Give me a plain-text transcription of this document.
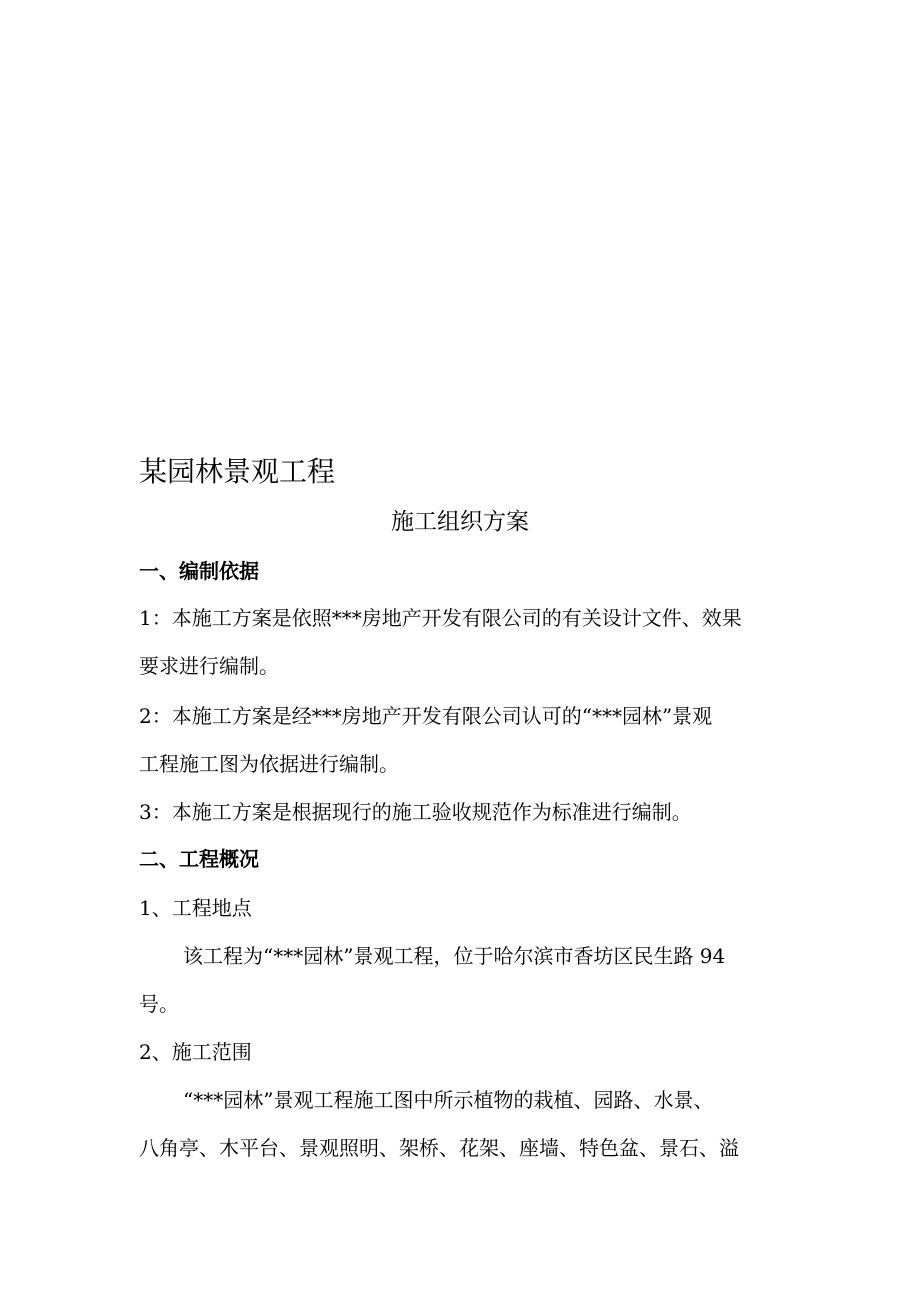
某园林景观工程
施工组织方案
一、编制依据
1：本施工方案是依照***房地产开发有限公司的有关设计文件、效果
要求进行编制。
2：本施工方案是经***房地产开发有限公司认可的“***园林”景观
工程施工图为依据进行编制。
3：本施工方案是根据现行的施工验收规范作为标准进行编制。
二、工程概况
1、工程地点
该工程为“***园林”景观工程，位于哈尔滨市香坊区民生路 94
号。
2、施工范围
“***园林”景观工程施工图中所示植物的栽植、园路、水景、
八角亭、木平台、景观照明、架桥、花架、座墙、特色盆、景石、溢
